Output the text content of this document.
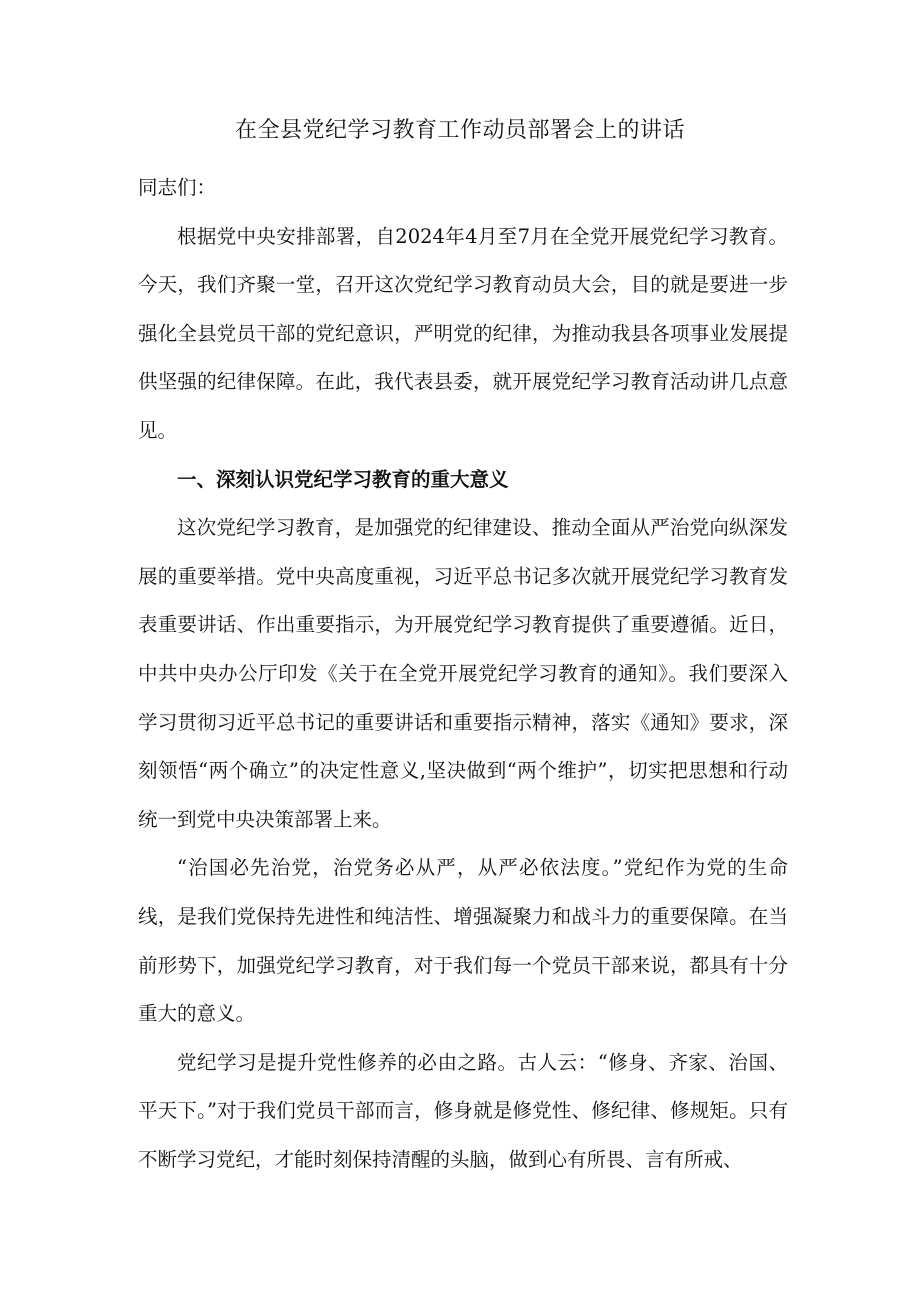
在全县党纪学习教育工作动员部署会上的讲话

同志们：

根据党中央安排部署，自2024年4月至7月在全党开展党纪学习教育。今天，我们齐聚一堂，召开这次党纪学习教育动员大会，目的就是要进一步强化全县党员干部的党纪意识，严明党的纪律，为推动我县各项事业发展提供坚强的纪律保障。在此，我代表县委，就开展党纪学习教育活动讲几点意见。

一、深刻认识党纪学习教育的重大意义

这次党纪学习教育，是加强党的纪律建设、推动全面从严治党向纵深发展的重要举措。党中央高度重视，习近平总书记多次就开展党纪学习教育发表重要讲话、作出重要指示，为开展党纪学习教育提供了重要遵循。近日，中共中央办公厅印发《关于在全党开展党纪学习教育的通知》。我们要深入学习贯彻习近平总书记的重要讲话和重要指示精神，落实《通知》要求，深刻领悟“两个确立”的决定性意义,坚决做到“两个维护”，切实把思想和行动统一到党中央决策部署上来。

“治国必先治党，治党务必从严，从严必依法度。”党纪作为党的生命线，是我们党保持先进性和纯洁性、增强凝聚力和战斗力的重要保障。在当前形势下，加强党纪学习教育，对于我们每一个党员干部来说，都具有十分重大的意义。

党纪学习是提升党性修养的必由之路。古人云：“修身、齐家、治国、平天下。”对于我们党员干部而言，修身就是修党性、修纪律、修规矩。只有不断学习党纪，才能时刻保持清醒的头脑，做到心有所畏、言有所戒、
